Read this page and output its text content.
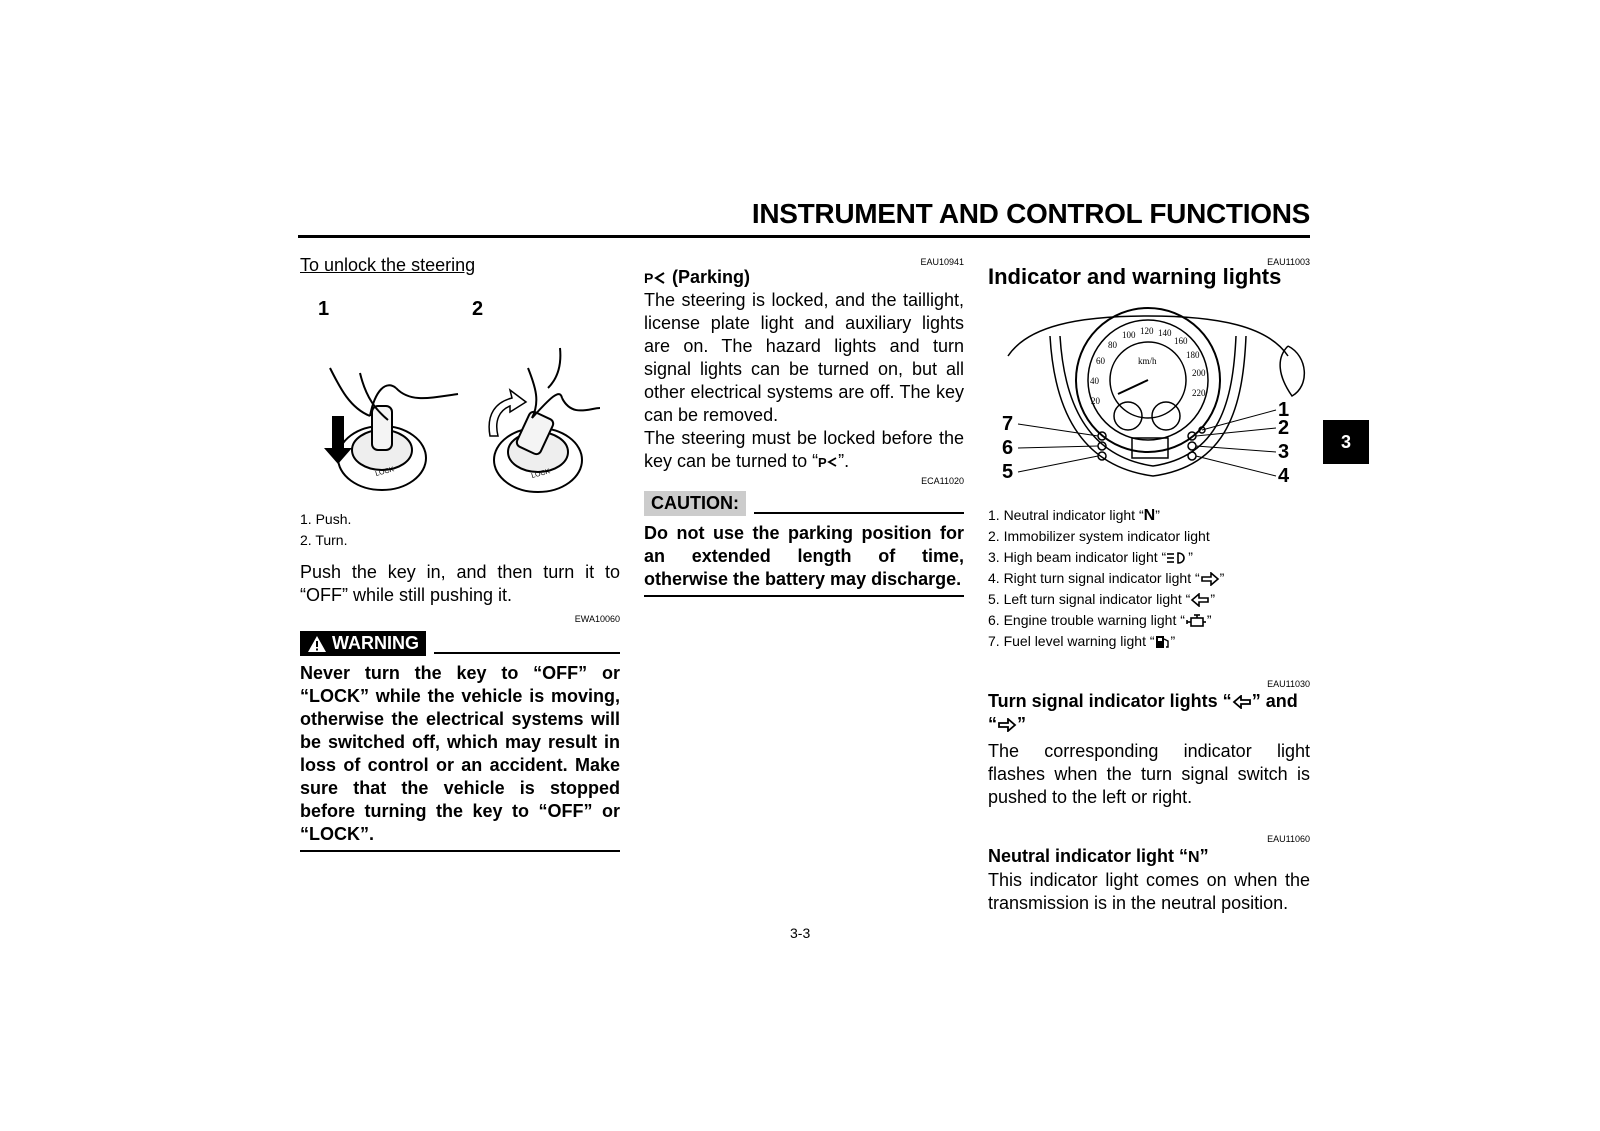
INSTRUMENT AND CONTROL FUNCTIONS
3
To unlock the steering
1	2
LOCK	LOCK
1. Push.
2. Turn.

Push the key in, and then turn it to “OFF” while still pushing it.

EWA10060
WARNING

Never turn the key to “OFF” or “LOCK” while the vehicle is moving, otherwise the electrical systems will be switched off, which may result in loss of control or an accident. Make sure that the vehicle is stopped before turning the key to “OFF” or “LOCK”.

EAU10941
P (Parking)

The steering is locked, and the taillight, license plate light and auxiliary lights are on. The hazard lights and turn signal lights can be turned on, but all other electrical systems are off. The key can be removed.

The steering must be locked before the key can be turned to “ P ”.

ECA11020
CAUTION:

Do not use the parking position for an extended length of time, otherwise the battery may discharge.

EAU11003
Indicator and warning lights
20
40
60
80
100 120 140
160
180
200
220
km/h
7
6
5
1
2
3
4
1. Neutral indicator light “N”
2. Immobilizer system indicator light
3. High beam indicator light “ ”
4. Right turn signal indicator light “ ”
5. Left turn signal indicator light “ ”
6. Engine trouble warning light “ ”
7. Fuel level warning light “ ”
EAU11030
Turn signal indicator lights “ ” and “ ”

The corresponding indicator light flashes when the turn signal switch is pushed to the left or right.

EAU11060
Neutral indicator light “N”

This indicator light comes on when the transmission is in the neutral position.

3-3
